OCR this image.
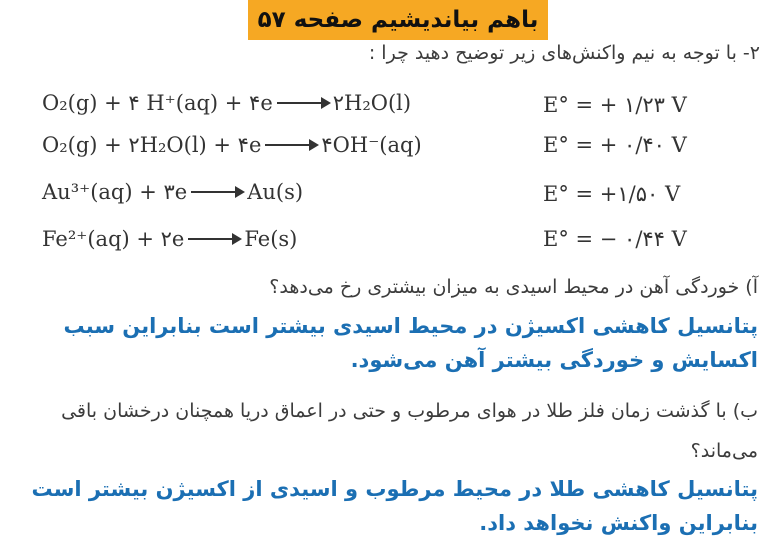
باهم بیاندیشیم صفحه ۵۷
۲- با توجه به نیم واکنش‌های زیر توضیح دهید چرا :
O₂(g) + ۴ H⁺(aq) + ۴e → ۲H₂O(l)	E° = + ۱/۲۳ V
O₂(g) + ۲H₂O(l) + ۴e → ۴OH⁻(aq)	E° = + ۰/۴۰ V
Au³⁺(aq) + ۳e → Au(s)	E° = +۱/۵۰ V
Fe²⁺(aq) + ۲e → Fe(s)	E° = − ۰/۴۴ V
آ) خوردگی آهن در محیط اسیدی به میزان بیشتری رخ می‌دهد؟
پتانسیل کاهشی اکسیژن در محیط اسیدی بیشتر است بنابراین سبب اکسایش و خوردگی بیشتر آهن می‌شود.
ب) با گذشت زمان فلز طلا در هوای مرطوب و حتی در اعماق دریا همچنان درخشان باقی
می‌ماند؟
پتانسیل کاهشی طلا در محیط مرطوب و اسیدی از اکسیژن بیشتر است بنابراین واکنش نخواهد داد.
